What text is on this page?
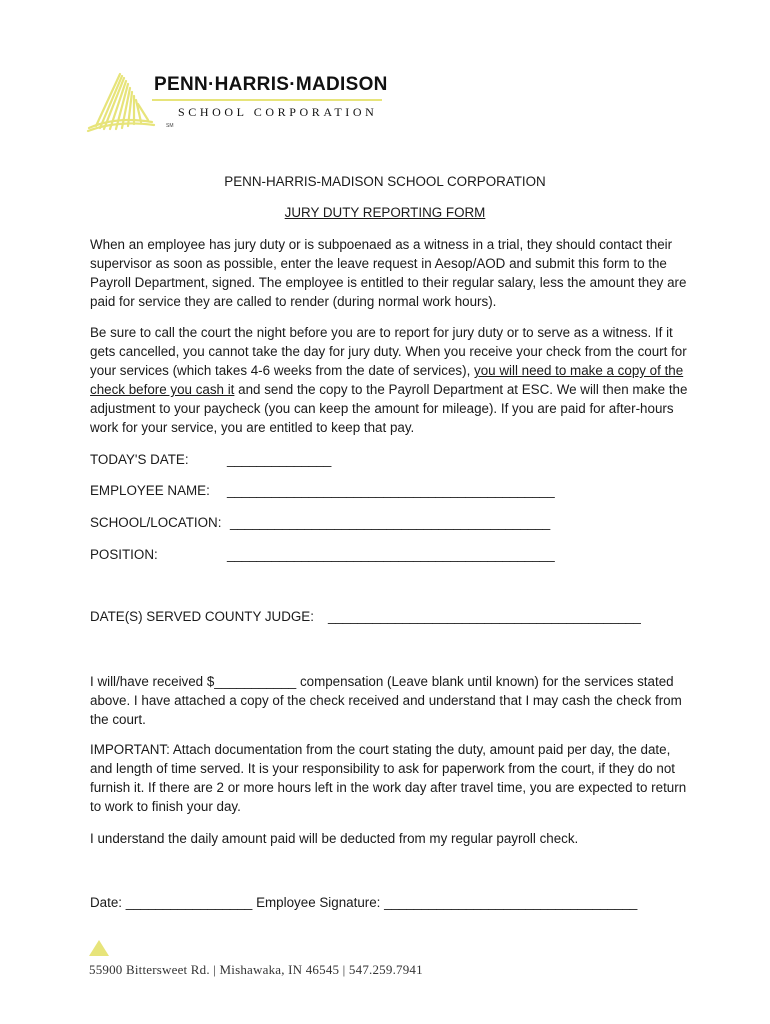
PENN·HARRIS·MADISON
SCHOOL CORPORATION
SM

PENN-HARRIS-MADISON SCHOOL CORPORATION

JURY DUTY REPORTING FORM

When an employee has jury duty or is subpoenaed as a witness in a trial, they should contact their supervisor as soon as possible, enter the leave request in Aesop/AOD and submit this form to the Payroll Department, signed. The employee is entitled to their regular salary, less the amount they are paid for service they are called to render (during normal work hours).

Be sure to call the court the night before you are to report for jury duty or to serve as a witness. If it gets cancelled, you cannot take the day for jury duty. When you receive your check from the court for your services (which takes 4-6 weeks from the date of services), you will need to make a copy of the check before you cash it and send the copy to the Payroll Department at ESC. We will then make the adjustment to your paycheck (you can keep the amount for mileage). If you are paid for after-hours work for your service, you are entitled to keep that pay.

TODAY'S DATE:	______________
EMPLOYEE NAME: ____________________________________________
SCHOOL/LOCATION: ___________________________________________
POSITION:	____________________________________________
DATE(S) SERVED COUNTY JUDGE: __________________________________________

I will/have received $___________ compensation (Leave blank until known) for the services stated above. I have attached a copy of the check received and understand that I may cash the check from the court.

IMPORTANT: Attach documentation from the court stating the duty, amount paid per day, the date, and length of time served. It is your responsibility to ask for paperwork from the court, if they do not furnish it. If there are 2 or more hours left in the work day after travel time, you are expected to return to work to finish your day.

I understand the daily amount paid will be deducted from my regular payroll check.

Date: _________________ Employee Signature: __________________________________
55900 Bittersweet Rd. | Mishawaka, IN 46545 | 547.259.7941
